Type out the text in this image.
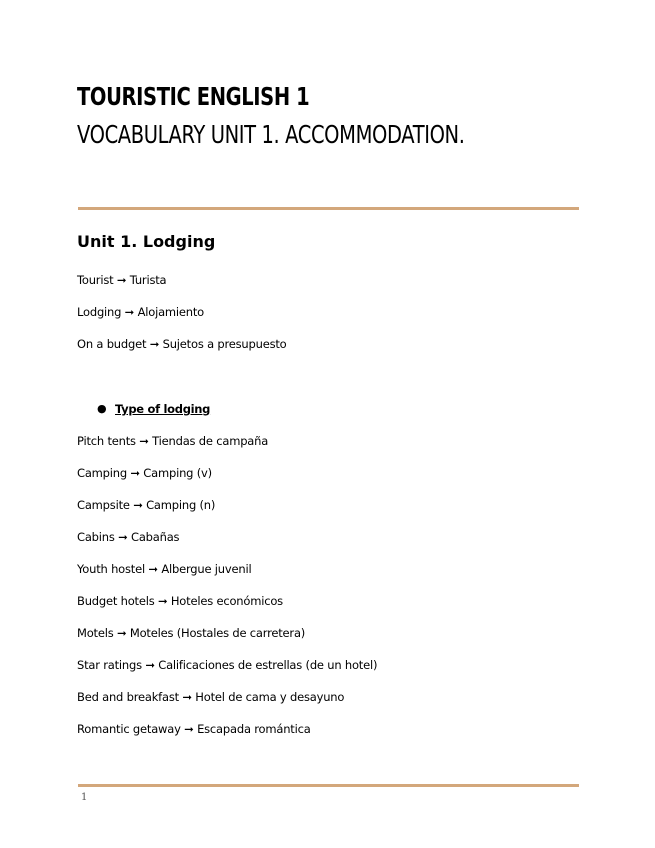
TOURISTIC ENGLISH 1
VOCABULARY UNIT 1. ACCOMMODATION.
Unit 1. Lodging

Tourist ➞ Turista

Lodging ➞ Alojamiento

On a budget ➞ Sujetos a presupuesto

● Type of lodging

Pitch tents ➞ Tiendas de campaña

Camping ➞ Camping (v)

Campsite ➞ Camping (n)

Cabins ➞ Cabañas

Youth hostel ➞ Albergue juvenil

Budget hotels ➞ Hoteles económicos

Motels ➞ Moteles (Hostales de carretera)

Star ratings ➞ Calificaciones de estrellas (de un hotel)

Bed and breakfast ➞ Hotel de cama y desayuno

Romantic getaway ➞ Escapada romántica

1
